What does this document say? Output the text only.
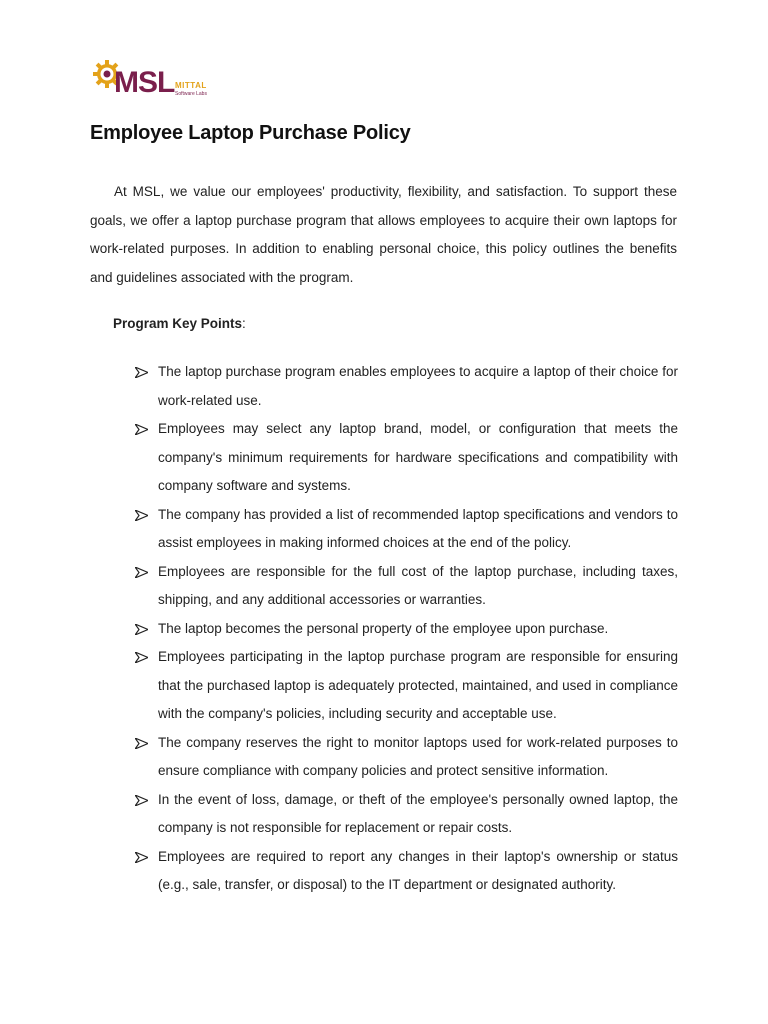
MSL MITTAL
Software Labs
Employee Laptop Purchase Policy

At MSL, we value our employees' productivity, flexibility, and satisfaction. To support these goals, we offer a laptop purchase program that allows employees to acquire their own laptops for work-related purposes. In addition to enabling personal choice, this policy outlines the benefits and guidelines associated with the program.

Program Key Points:

The laptop purchase program enables employees to acquire a laptop of their choice for work-related use.
Employees may select any laptop brand, model, or configuration that meets the company's minimum requirements for hardware specifications and compatibility with company software and systems.
The company has provided a list of recommended laptop specifications and vendors to assist employees in making informed choices at the end of the policy.
Employees are responsible for the full cost of the laptop purchase, including taxes, shipping, and any additional accessories or warranties.
The laptop becomes the personal property of the employee upon purchase.
Employees participating in the laptop purchase program are responsible for ensuring that the purchased laptop is adequately protected, maintained, and used in compliance with the company's policies, including security and acceptable use.
The company reserves the right to monitor laptops used for work-related purposes to ensure compliance with company policies and protect sensitive information.
In the event of loss, damage, or theft of the employee's personally owned laptop, the company is not responsible for replacement or repair costs.
Employees are required to report any changes in their laptop's ownership or status (e.g., sale, transfer, or disposal) to the IT department or designated authority.
